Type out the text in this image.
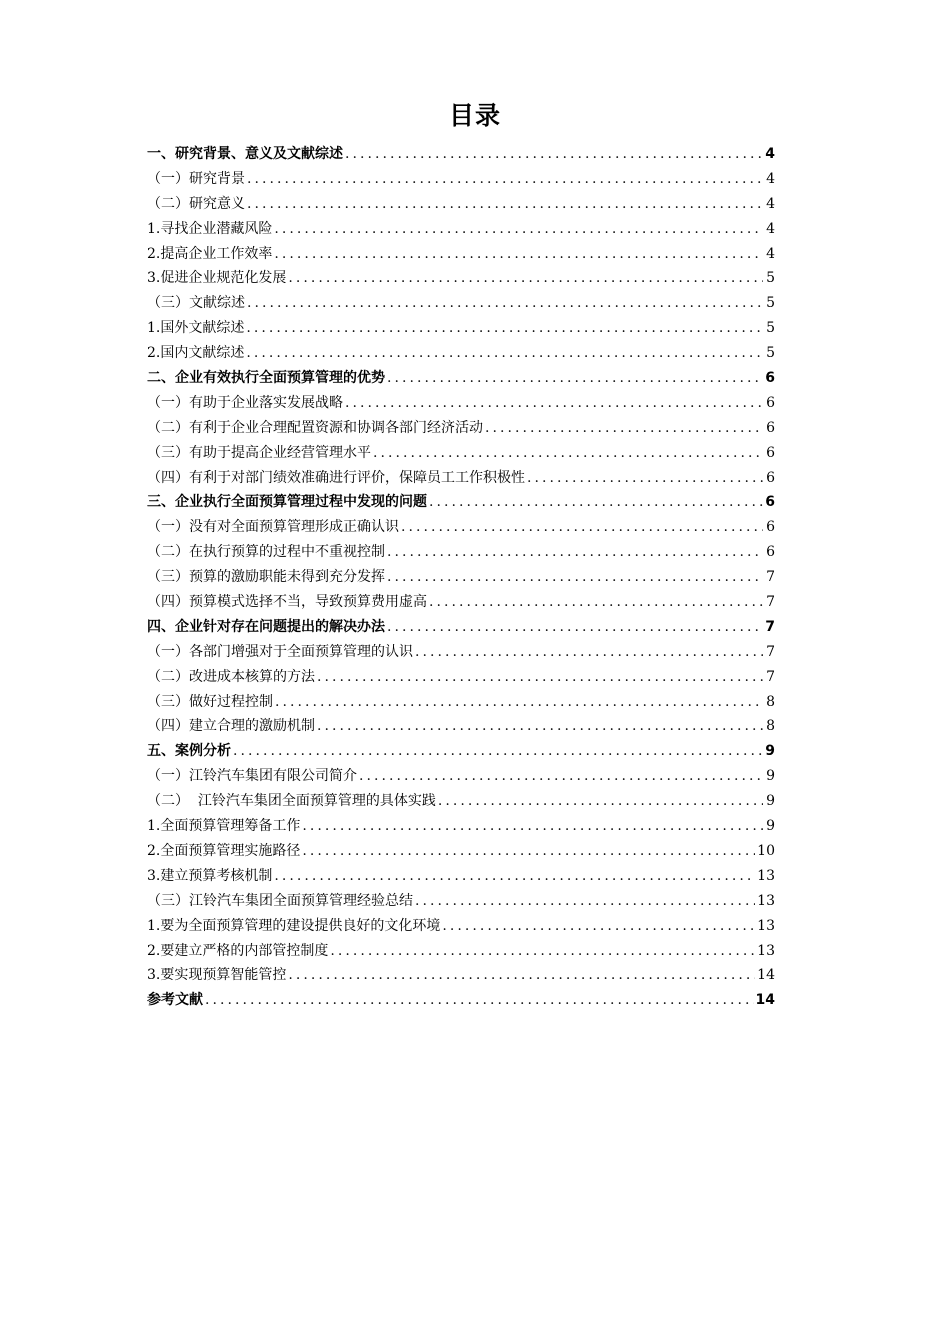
目录
一、研究背景、意义及文献综述 . . .	4
（一）研究背景 . . .	4
（二）研究意义 . . .	4
1.寻找企业潜藏风险 . . .	4
2.提高企业工作效率 . . .	4
3.促进企业规范化发展 . . .	5
（三）文献综述 . . .	5
1.国外文献综述 . . .	5
2.国内文献综述 . . .	5
二、企业有效执行全面预算管理的优势 . . .	6
（一）有助于企业落实发展战略 . . .	6
（二）有利于企业合理配置资源和协调各部门经济活动 . . .	6
（三）有助于提高企业经营管理水平 . . .	6
（四）有利于对部门绩效准确进行评价，保障员工工作积极性 . . .	6
三、企业执行全面预算管理过程中发现的问题 . . .	6
（一）没有对全面预算管理形成正确认识 . . .	6
（二）在执行预算的过程中不重视控制 . . .	6
（三）预算的激励职能未得到充分发挥 . . .	7
（四）预算模式选择不当，导致预算费用虚高 . . .	7
四、企业针对存在问题提出的解决办法 . . .	7
（一）各部门增强对于全面预算管理的认识 . . .	7
（二）改进成本核算的方法 . . .	7
（三）做好过程控制 . . .	8
（四）建立合理的激励机制 . . .	8
五、案例分析 . . .	9
（一）江铃汽车集团有限公司简介 . . .	9
（二）  江铃汽车集团全面预算管理的具体实践 . . .	9
1.全面预算管理筹备工作 . . .	9
2.全面预算管理实施路径 . . .	10
3.建立预算考核机制 . . .	13
（三）江铃汽车集团全面预算管理经验总结 . . .	13
1.要为全面预算管理的建设提供良好的文化环境 . . .	13
2.要建立严格的内部管控制度 . . .	13
3.要实现预算智能管控 . . .	14
参考文献 . . .	14
